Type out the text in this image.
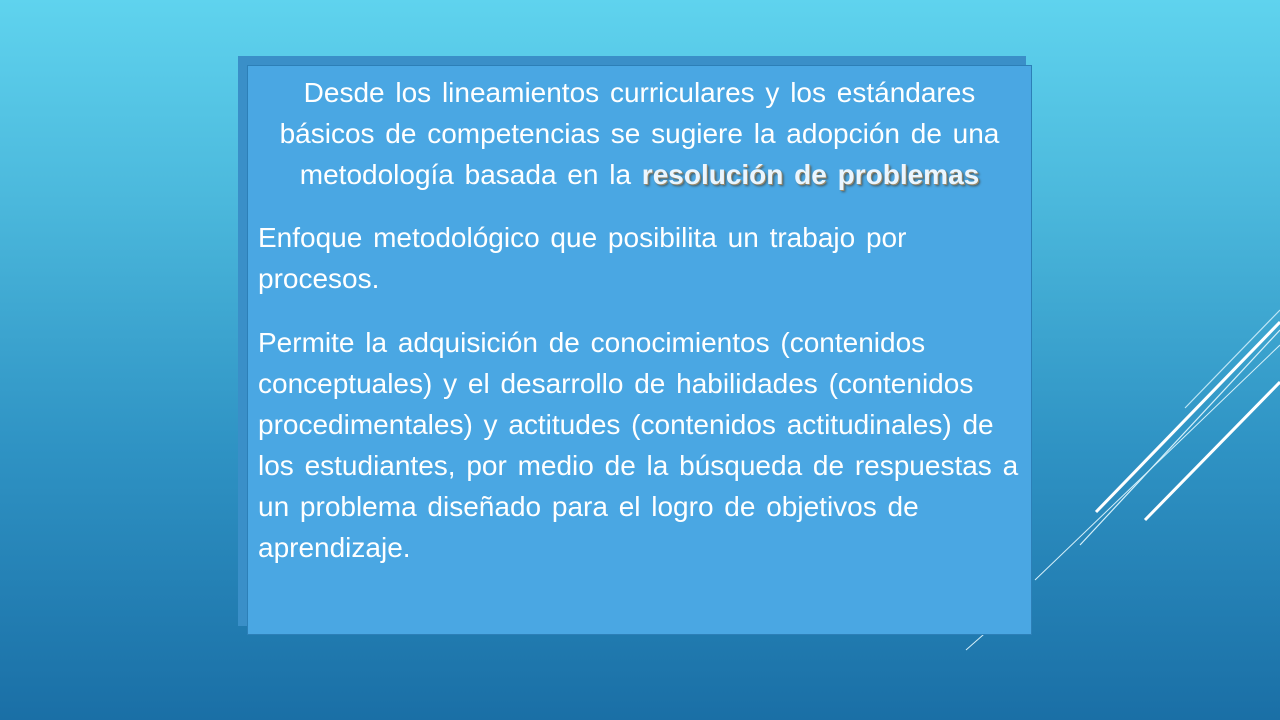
Desde los lineamientos curriculares y los estándares básicos de competencias se sugiere la adopción de una metodología basada en la resolución de problemas

Enfoque metodológico que posibilita un trabajo por procesos.

Permite la adquisición de conocimientos (contenidos conceptuales) y el desarrollo de habilidades (contenidos procedimentales) y actitudes (contenidos actitudinales) de los estudiantes, por medio de la búsqueda de respuestas a un problema diseñado para el logro de objetivos de aprendizaje.
